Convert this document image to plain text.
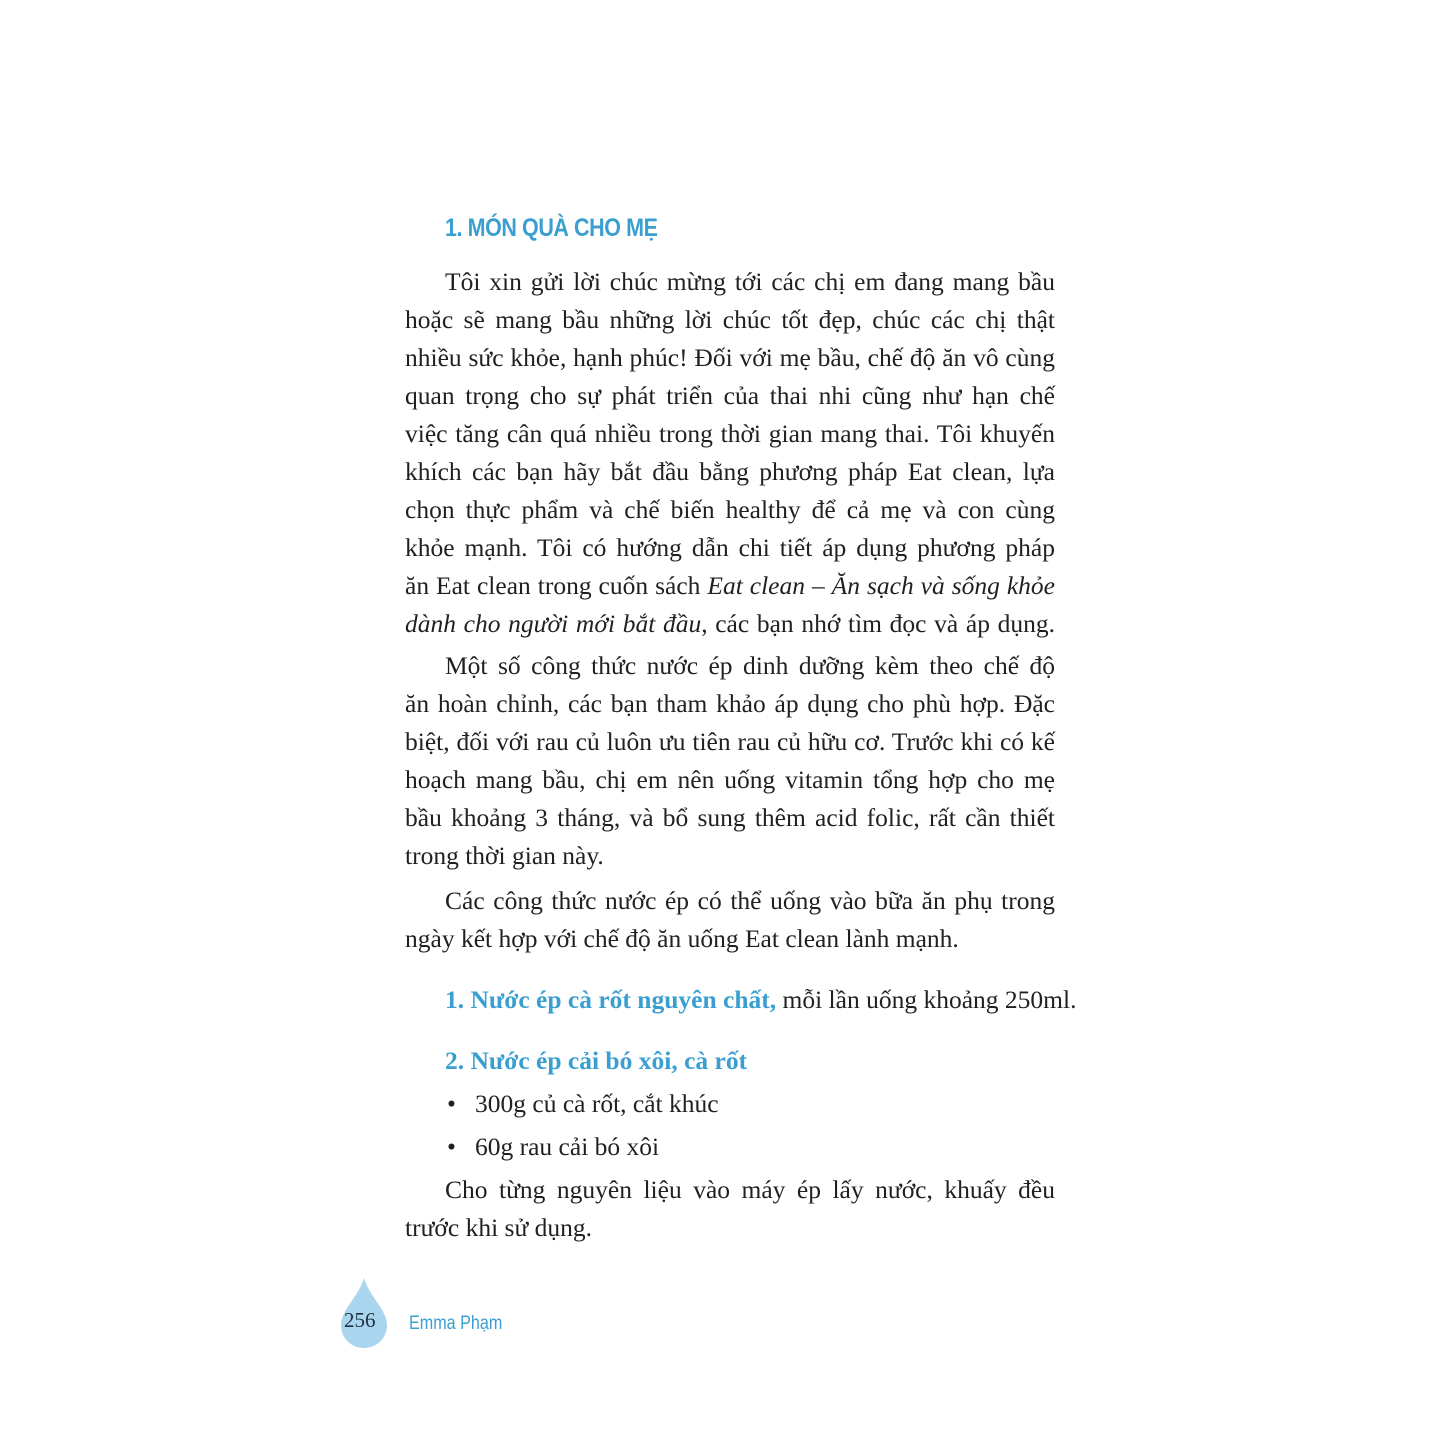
1. MÓN QUÀ CHO MẸ
Tôi xin gửi lời chúc mừng tới các chị em đang mang bầu
hoặc sẽ mang bầu những lời chúc tốt đẹp, chúc các chị thật
nhiều sức khỏe, hạnh phúc! Đối với mẹ bầu, chế độ ăn vô cùng
quan trọng cho sự phát triển của thai nhi cũng như hạn chế
việc tăng cân quá nhiều trong thời gian mang thai. Tôi khuyến
khích các bạn hãy bắt đầu bằng phương pháp Eat clean, lựa
chọn thực phẩm và chế biến healthy để cả mẹ và con cùng
khỏe mạnh. Tôi có hướng dẫn chi tiết áp dụng phương pháp
ăn Eat clean trong cuốn sách Eat clean – Ăn sạch và sống khỏe
dành cho người mới bắt đầu, các bạn nhớ tìm đọc và áp dụng.
Một số công thức nước ép dinh dưỡng kèm theo chế độ
ăn hoàn chỉnh, các bạn tham khảo áp dụng cho phù hợp. Đặc
biệt, đối với rau củ luôn ưu tiên rau củ hữu cơ. Trước khi có kế
hoạch mang bầu, chị em nên uống vitamin tổng hợp cho mẹ
bầu khoảng 3 tháng, và bổ sung thêm acid folic, rất cần thiết
trong thời gian này.
Các công thức nước ép có thể uống vào bữa ăn phụ trong
ngày kết hợp với chế độ ăn uống Eat clean lành mạnh.
1. Nước ép cà rốt nguyên chất, mỗi lần uống khoảng 250ml.
2. Nước ép cải bó xôi, cà rốt
• 300g củ cà rốt, cắt khúc
• 60g rau cải bó xôi
Cho từng nguyên liệu vào máy ép lấy nước, khuấy đều
trước khi sử dụng.
256 Emma Phạm
